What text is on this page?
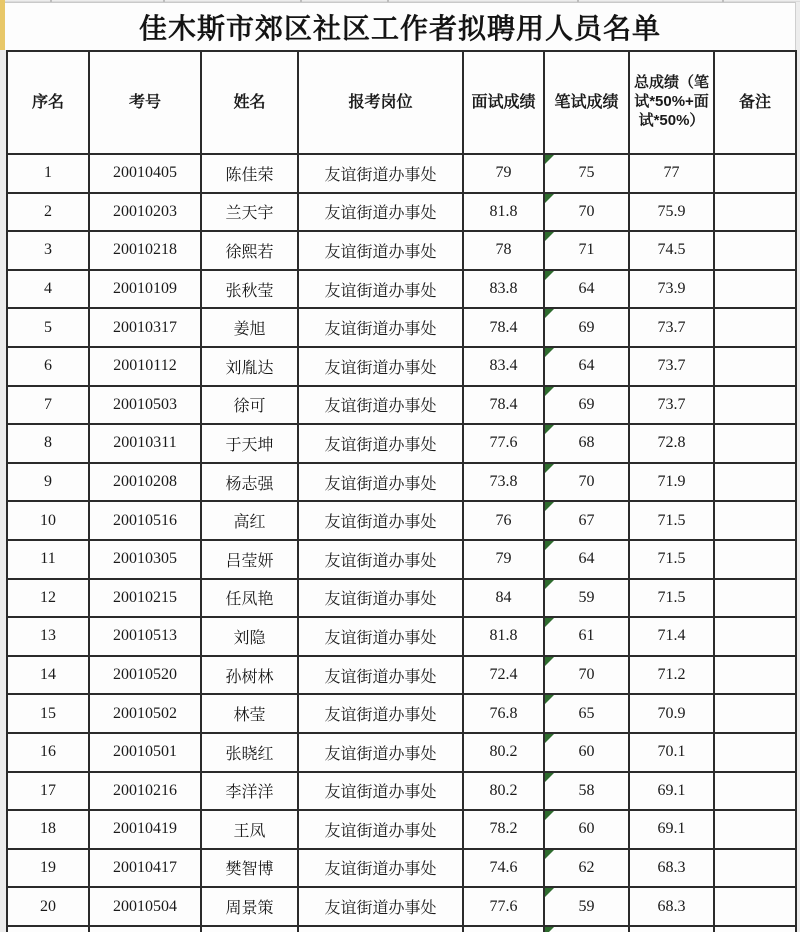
佳木斯市郊区社区工作者拟聘用人员名单
序名	考号	姓名	报考岗位	面试成绩	笔试成绩	总成绩（笔试*50%+面试*50%）	备注
1	20010405	陈佳荣	友谊街道办事处	79	75	77	
2	20010203	兰天宇	友谊街道办事处	81.8	70	75.9	
3	20010218	徐熙若	友谊街道办事处	78	71	74.5	
4	20010109	张秋莹	友谊街道办事处	83.8	64	73.9	
5	20010317	姜旭	友谊街道办事处	78.4	69	73.7	
6	20010112	刘胤达	友谊街道办事处	83.4	64	73.7	
7	20010503	徐可	友谊街道办事处	78.4	69	73.7	
8	20010311	于天坤	友谊街道办事处	77.6	68	72.8	
9	20010208	杨志强	友谊街道办事处	73.8	70	71.9	
10	20010516	高红	友谊街道办事处	76	67	71.5	
11	20010305	吕莹妍	友谊街道办事处	79	64	71.5	
12	20010215	任凤艳	友谊街道办事处	84	59	71.5	
13	20010513	刘隐	友谊街道办事处	81.8	61	71.4	
14	20010520	孙树林	友谊街道办事处	72.4	70	71.2	
15	20010502	林莹	友谊街道办事处	76.8	65	70.9	
16	20010501	张晓红	友谊街道办事处	80.2	60	70.1	
17	20010216	李洋洋	友谊街道办事处	80.2	58	69.1	
18	20010419	王凤	友谊街道办事处	78.2	60	69.1	
19	20010417	樊智博	友谊街道办事处	74.6	62	68.3	
20	20010504	周景策	友谊街道办事处	77.6	59	68.3	
